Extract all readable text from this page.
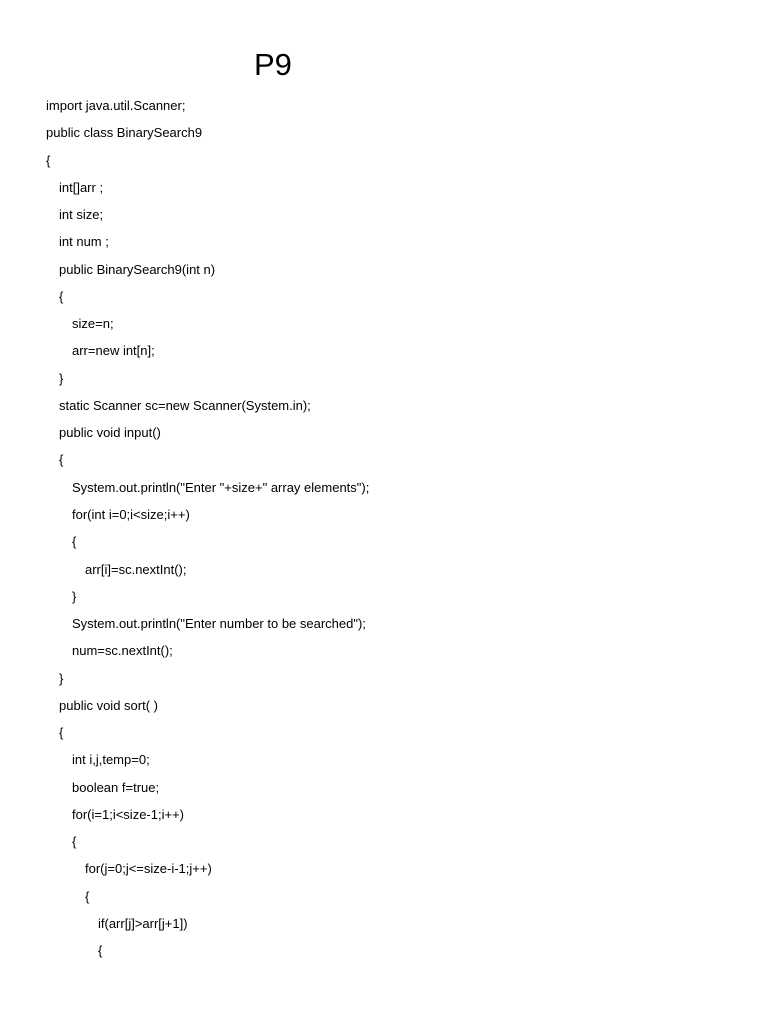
P9
import java.util.Scanner;
public class BinarySearch9
{
int[]arr ;
int size;
int num ;
public BinarySearch9(int n)
{
size=n;
arr=new int[n];
}
static Scanner sc=new Scanner(System.in);
public void input()
{
System.out.println("Enter "+size+" array elements");
for(int i=0;i<size;i++)
{
arr[i]=sc.nextInt();
}
System.out.println("Enter number to be searched");
num=sc.nextInt();
}
public void sort( )
{
int i,j,temp=0;
boolean f=true;
for(i=1;i<size-1;i++)
{
for(j=0;j<=size-i-1;j++)
{
if(arr[j]>arr[j+1])
{
